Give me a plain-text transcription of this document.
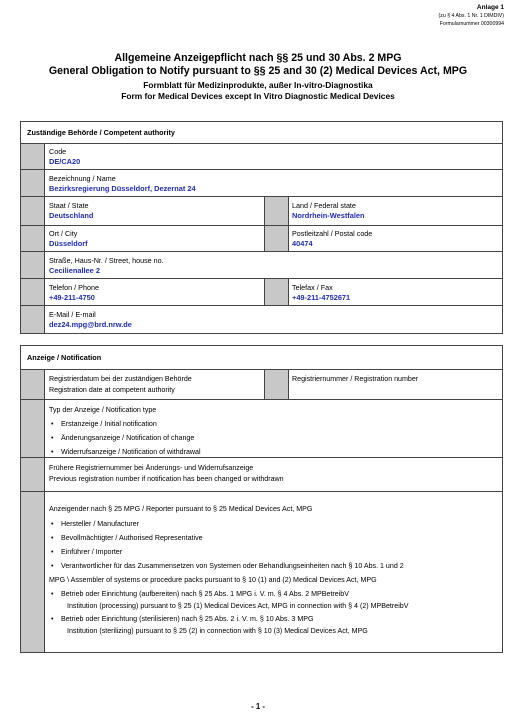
Anlage 1
(zu § 4 Abs. 1 Nr. 1 DIMDIV)
Formularnummer 00300994
Allgemeine Anzeigepflicht nach §§ 25 und 30 Abs. 2 MPG
General Obligation to Notify pursuant to §§ 25 and 30 (2) Medical Devices Act, MPG
Formblatt für Medizinprodukte, außer In-vitro-Diagnostika
Form for Medical Devices except In Vitro Diagnostic Medical Devices
Zuständige Behörde / Competent authority
Code
DE/CA20
Bezeichnung / Name
Bezirksregierung Düsseldorf, Dezernat 24
Staat / State
Deutschland
Land / Federal state
Nordrhein-Westfalen
Ort / City
Düsseldorf
Postleitzahl / Postal code
40474
Straße, Haus-Nr. / Street, house no.
Cecilienallee 2
Telefon / Phone
+49-211-4750
Telefax / Fax
+49-211-4752671
E-Mail / E-mail
dez24.mpg@brd.nrw.de
Anzeige / Notification
Registrierdatum bei der zuständigen Behörde
Registration date at competent authority
Registriernummer / Registration number
Typ der Anzeige / Notification type
• Erstanzeige / Initial notification
• Änderungsanzeige / Notification of change
• Widerrufsanzeige / Notification of withdrawal
Frühere Registriernummer bei Änderungs- und Widerrufsanzeige
Previous registration number if notification has been changed or withdrawn
Anzeigender nach § 25 MPG / Reporter pursuant to § 25 Medical Devices Act, MPG
• Hersteller / Manufacturer
• Bevollmächtigter / Authorised Representative
• Einführer / Importer
• Verantwortlicher für das Zusammensetzen von Systemen oder Behandlungseinheiten nach § 10 Abs. 1 und 2
MPG \ Assembler of systems or procedure packs pursuant to § 10 (1) and (2) Medical Devices Act, MPG
• Betrieb oder Einrichtung (aufbereiten) nach § 25 Abs. 1 MPG i. V. m. § 4 Abs. 2 MPBetreibV
Institution (processing) pursuant to § 25 (1) Medical Devices Act, MPG in connection with § 4 (2) MPBetreibV
• Betrieb oder Einrichtung (sterilisieren) nach § 25 Abs. 2 i. V. m. § 10 Abs. 3 MPG
Institution (sterilizing) pursuant to § 25 (2) in connection with § 10 (3) Medical Devices Act, MPG
- 1 -
